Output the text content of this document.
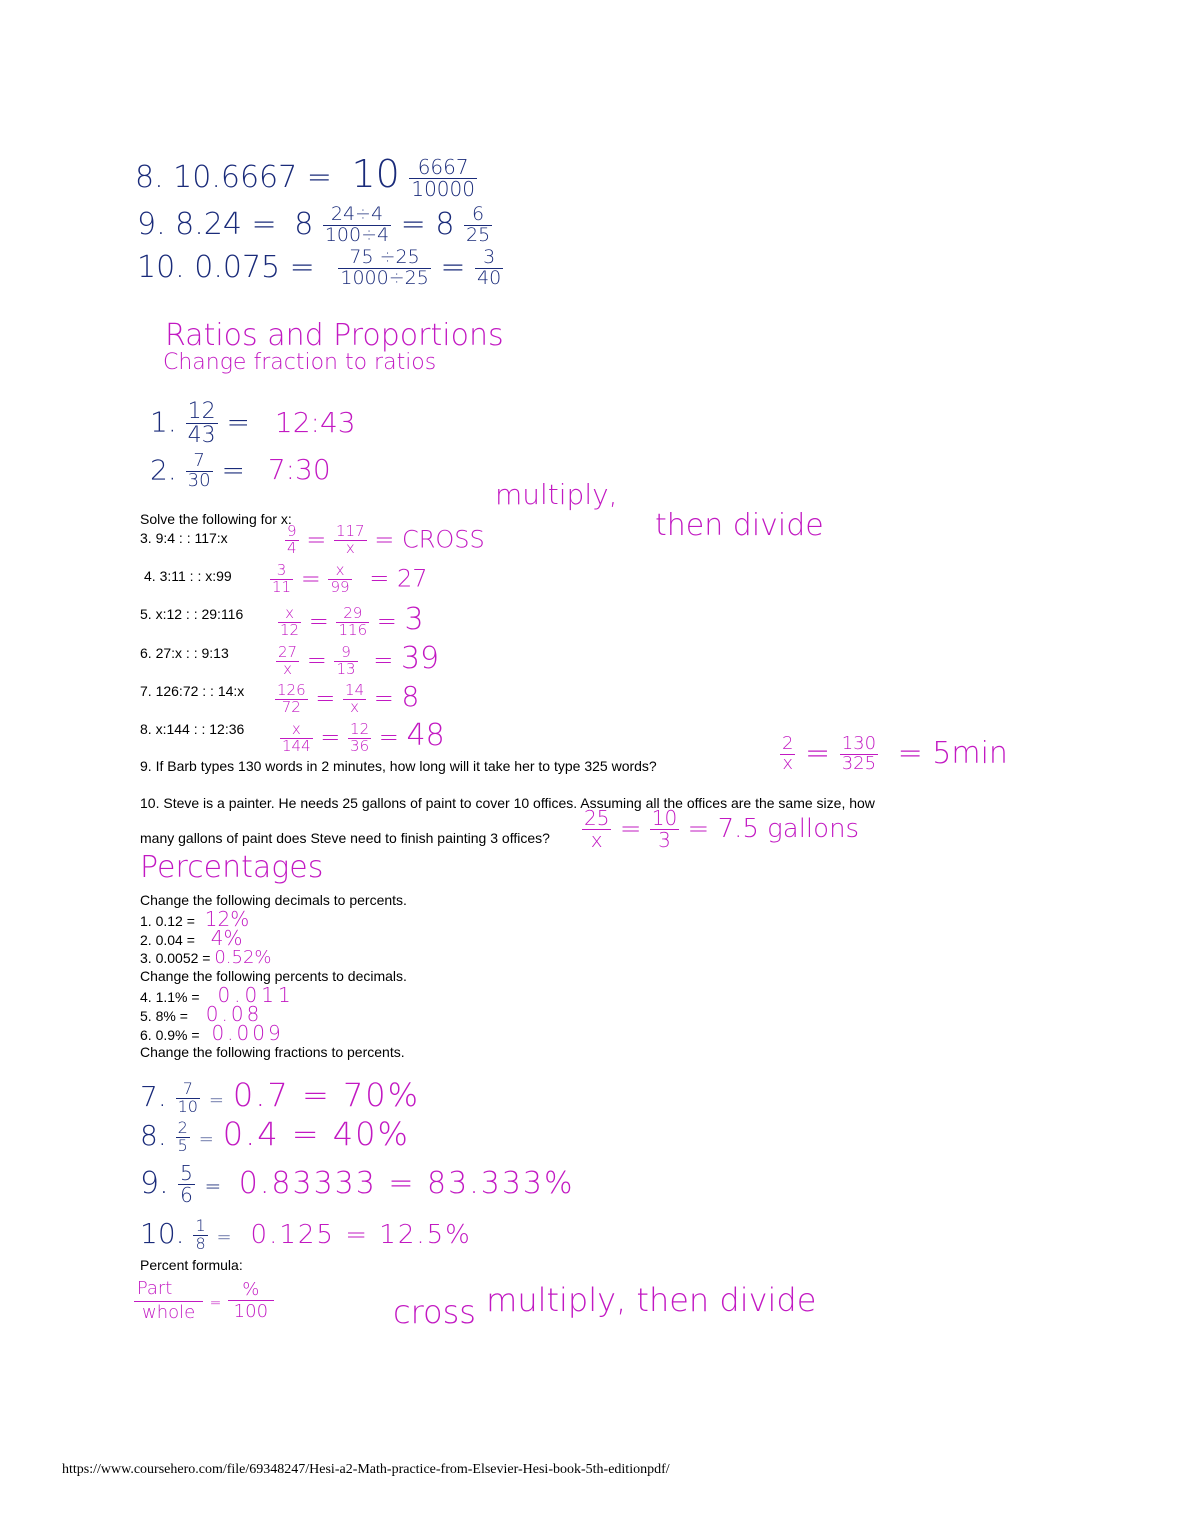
8. $10.6667 = 10 \frac{6667}{10000}$
9. $8.24 = 8 \frac{24\div 4}{100\div 4} = 8 \frac{6}{25}$
10. $0.075 = \frac{75 \div 25}{1000\div 25} = \frac{3}{40}$
Ratios and Proportions
Change fraction to ratios
1. $\frac{12}{43}$ = 12:43
2. $\frac{7}{30}$ = 7:30
multiply,
then divide
Solve the following for x:
3. 9:4 : : 117:x	$\frac{9}{4} = \frac{117}{x}$ = CROSS
4. 3:11 : : x:99	$\frac{3}{11} = \frac{x}{99} = 27$
5. x:12 : : 29:116 $\frac{x}{12} = \frac{29}{116} = 3$
6. 27:x : : 9:13	$\frac{27}{x} = \frac{9}{13} = 39$
7. 126:72 : : 14:x $\frac{126}{72} = \frac{14}{x} = 8$
8. x:144 : : 12:36 $\frac{x}{144} = \frac{12}{36} = 48$
9. If Barb types 130 words in 2 minutes, how long will it take her to type 325 words?	$\frac{2}{x} = \frac{130}{325} = 5\min$
10. Steve is a painter. He needs 25 gallons of paint to cover 10 offices. Assuming all the offices are the same size, how
many gallons of paint does Steve need to finish painting 3 offices? $\frac{25}{x} = \frac{10}{3} = 7.5$ gallons
Percentages
Change the following decimals to percents.
1. 0.12 = 12%
2. 0.04 = 4%
3. 0.0052 = 0.52%
Change the following percents to decimals.
4. 1.1% = 0.011
5. 8% = 0.08
6. 0.9% = 0.009
Change the following fractions to percents.
7. $\frac{7}{10} = 0.7 = 70\%$
8. $\frac{2}{5} = 0.4 = 40\%$
9. $\frac{5}{6} = 0.83333 = 83.333\%$
10. $\frac{1}{8} = 0.125 = 12.5\%$
Percent formula:
$\frac{\text{Part}}{\text{whole}} = \frac{\%}{100}$	cross multiply, then divide
https://www.coursehero.com/file/69348247/Hesi-a2-Math-practice-from-Elsevier-Hesi-book-5th-editionpdf/
